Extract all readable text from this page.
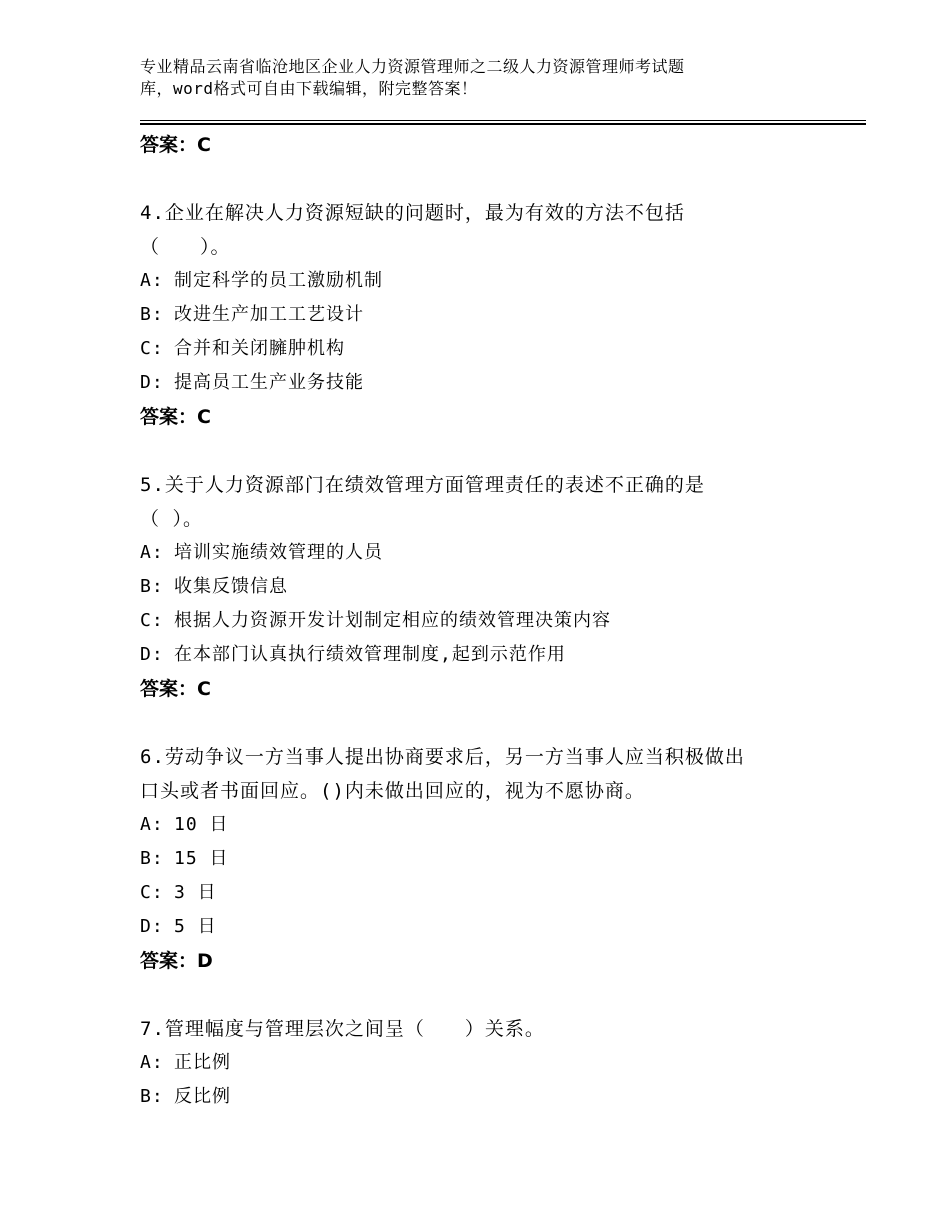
专业精品云南省临沧地区企业人力资源管理师之二级人力资源管理师考试题
库，word格式可自由下载编辑，附完整答案！
答案：C
4.企业在解决人力资源短缺的问题时，最为有效的方法不包括
（　　）。
A: 制定科学的员工激励机制
B: 改进生产加工工艺设计
C: 合并和关闭臃肿机构
D: 提高员工生产业务技能
答案：C
5.关于人力资源部门在绩效管理方面管理责任的表述不正确的是
（ ）。
A: 培训实施绩效管理的人员
B: 收集反馈信息
C: 根据人力资源开发计划制定相应的绩效管理决策内容
D: 在本部门认真执行绩效管理制度,起到示范作用
答案：C
6.劳动争议一方当事人提出协商要求后，另一方当事人应当积极做出
口头或者书面回应。()内未做出回应的，视为不愿协商。
A: 10 日
B: 15 日
C: 3 日
D: 5 日
答案：D
7.管理幅度与管理层次之间呈（　　）关系。
A: 正比例
B: 反比例
